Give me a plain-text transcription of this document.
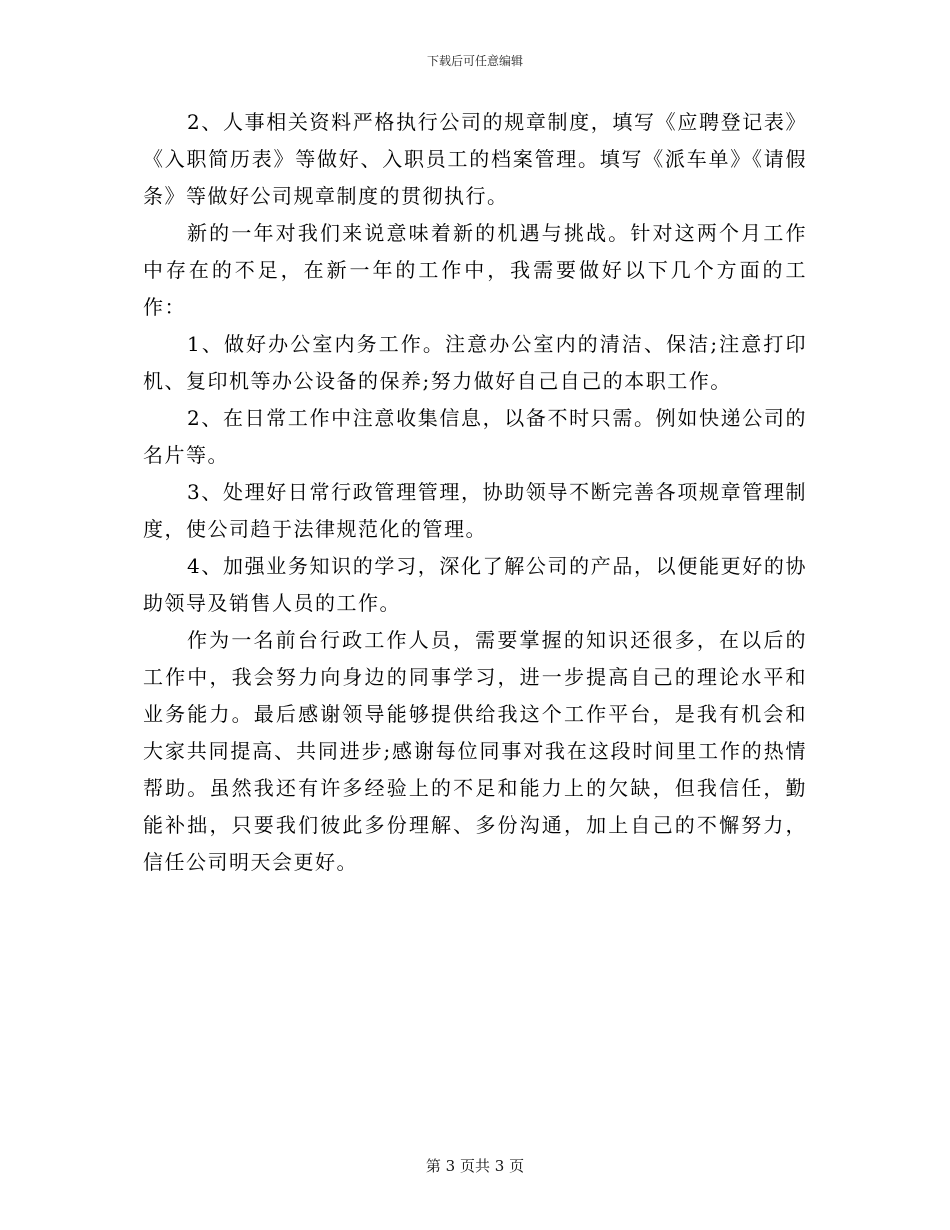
下载后可任意编辑

2、人事相关资料严格执行公司的规章制度，填写《应聘登记表》《入职简历表》等做好、入职员工的档案管理。填写《派车单》《请假条》等做好公司规章制度的贯彻执行。

新的一年对我们来说意味着新的机遇与挑战。针对这两个月工作中存在的不足，在新一年的工作中，我需要做好以下几个方面的工作：

1、做好办公室内务工作。注意办公室内的清洁、保洁;注意打印机、复印机等办公设备的保养;努力做好自己自己的本职工作。

2、在日常工作中注意收集信息，以备不时只需。例如快递公司的名片等。

3、处理好日常行政管理管理，协助领导不断完善各项规章管理制度，使公司趋于法律规范化的管理。

4、加强业务知识的学习，深化了解公司的产品，以便能更好的协助领导及销售人员的工作。

作为一名前台行政工作人员，需要掌握的知识还很多，在以后的工作中，我会努力向身边的同事学习，进一步提高自己的理论水平和业务能力。最后感谢领导能够提供给我这个工作平台，是我有机会和大家共同提高、共同进步;感谢每位同事对我在这段时间里工作的热情帮助。虽然我还有许多经验上的不足和能力上的欠缺，但我信任，勤能补拙，只要我们彼此多份理解、多份沟通，加上自己的不懈努力，信任公司明天会更好。

第 3 页共 3 页
